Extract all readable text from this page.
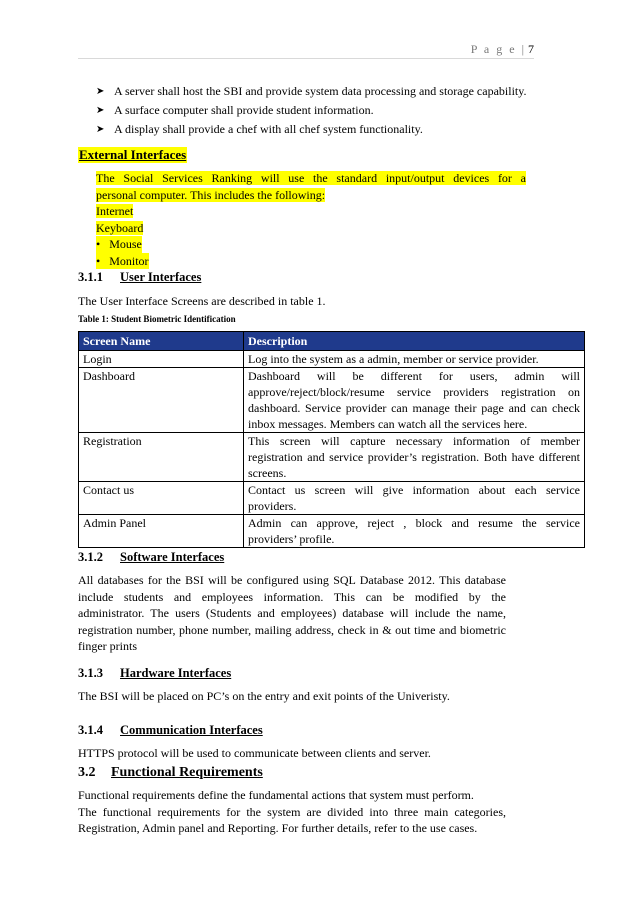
P a g e | 7
➤ A server shall host the SBI and provide system data processing and storage capability.
➤ A surface computer shall provide student information.
➤ A display shall provide a chef with all chef system functionality.
External Interfaces
The Social Services Ranking will use the standard input/output devices for a
personal computer. This includes the following:
Internet
Keyboard
•   Mouse
•   Monitor
3.1.1 User Interfaces
The User Interface Screens are described in table 1.
Table 1: Student Biometric Identification
Screen Name	Description
Login	Log into the system as a admin, member or service provider.
Dashboard	Dashboard will be different for users, admin will
approve/reject/block/resume service providers registration on
dashboard. Service provider can manage their page and can check
inbox messages. Members can watch all the services here.

Registration	This screen will capture necessary information of member
registration and service provider’s registration. Both have different
screens.

Contact us	Contact us screen will give information about each service
providers.

Admin Panel	Admin can approve, reject , block and resume the service
providers’ profile.
3.1.2 Software Interfaces
All databases for the BSI will be configured using SQL Database 2012. This database
include students and employees information. This can be modified by the
administrator. The users (Students and employees) database will include the name,
registration number, phone number, mailing address, check in & out time and biometric
finger prints
3.1.3 Hardware Interfaces
The BSI will be placed on PC’s on the entry and exit points of the Univeristy.
3.1.4 Communication Interfaces
HTTPS protocol will be used to communicate between clients and server.
3.2 Functional Requirements
Functional requirements define the fundamental actions that system must perform.
The functional requirements for the system are divided into three main categories,
Registration, Admin panel and Reporting. For further details, refer to the use cases.
